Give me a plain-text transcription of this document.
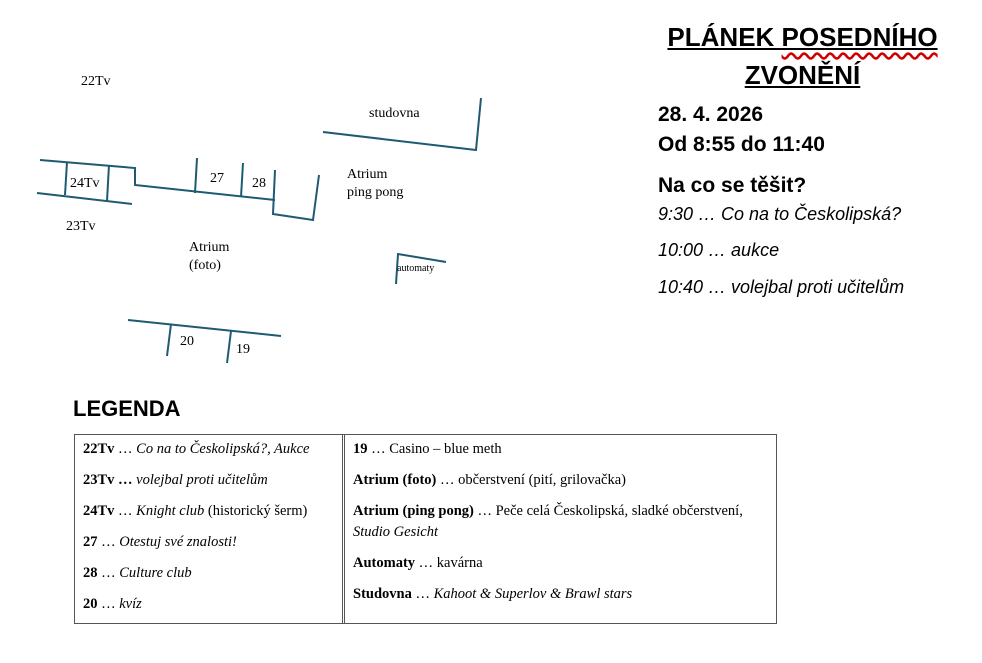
22Tv
24Tv
23Tv
27 28
studovna
Atrium
ping pong
Atrium
(foto)	automaty
20
19
PLÁNEK POSEDNÍHO
ZVONĚNÍ
28. 4. 2026
Od 8:55 do 11:40
Na co se těšit?
9:30 … Co na to Českolipská?
10:00 … aukce
10:40 … volejbal proti učitelům
LEGENDA
22Tv … Co na to Českolipská?, Aukce
23Tv … volejbal proti učitelům
24Tv … Knight club (historický šerm)
27 … Otestuj své znalosti!
28 … Culture club
20 … kvíz
19 … Casino – blue meth
Atrium (foto) … občerstvení (pití, grilovačka)
Atrium (ping pong) … Peče celá Českolipská, sladké občerstvení,
Studio Gesicht
Automaty … kavárna
Studovna … Kahoot & Superlov & Brawl stars
